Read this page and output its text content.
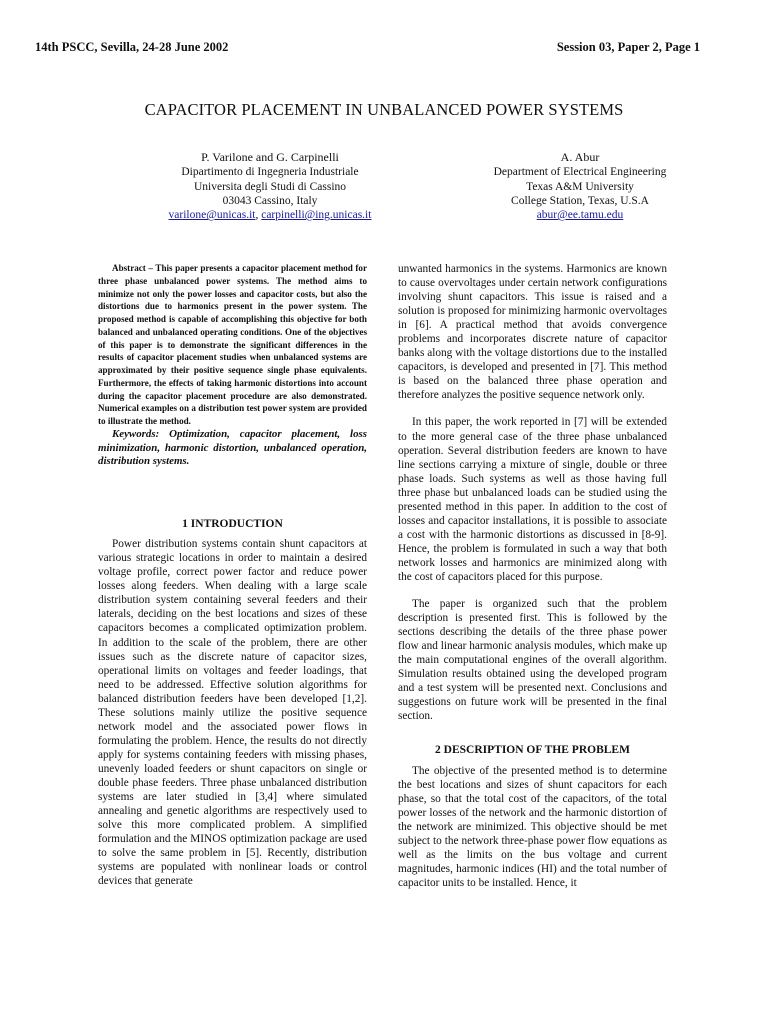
14th PSCC, Sevilla, 24-28 June 2002	Session 03, Paper 2, Page 1
CAPACITOR PLACEMENT IN UNBALANCED POWER SYSTEMS
P. Varilone and G. Carpinelli
Dipartimento di Ingegneria Industriale
Universita degli Studi di Cassino
03043 Cassino, Italy
varilone@unicas.it, carpinelli@ing.unicas.it
A. Abur
Department of Electrical Engineering
Texas A&M University
College Station, Texas, U.S.A
abur@ee.tamu.edu

Abstract – This paper presents a capacitor placement method for three phase unbalanced power systems. The method aims to minimize not only the power losses and capacitor costs, but also the distortions due to harmonics present in the power system. The proposed method is capable of accomplishing this objective for both balanced and unbalanced operating conditions. One of the objectives of this paper is to demonstrate the significant differences in the results of capacitor placement studies when unbalanced systems are approximated by their positive sequence single phase equivalents. Furthermore, the effects of taking harmonic distortions into account during the capacitor placement procedure are also demonstrated. Numerical examples on a distribution test power system are provided to illustrate the method.

Keywords: Optimization, capacitor placement, loss minimization, harmonic distortion, unbalanced operation, distribution systems.

1 INTRODUCTION

Power distribution systems contain shunt capacitors at various strategic locations in order to maintain a desired voltage profile, correct power factor and reduce power losses along feeders. When dealing with a large scale distribution system containing several feeders and their laterals, deciding on the best locations and sizes of these capacitors becomes a complicated optimization problem. In addition to the scale of the problem, there are other issues such as the discrete nature of capacitor sizes, operational limits on voltages and feeder loadings, that need to be addressed. Effective solution algorithms for balanced distribution feeders have been developed [1,2]. These solutions mainly utilize the positive sequence network model and the associated power flows in formulating the problem. Hence, the results do not directly apply for systems containing feeders with missing phases, unevenly loaded feeders or shunt capacitors on single or double phase feeders. Three phase unbalanced distribution systems are later studied in [3,4] where simulated annealing and genetic algorithms are respectively used to solve this more complicated problem. A simplified formulation and the MINOS optimization package are used to solve the same problem in [5]. Recently, distribution systems are populated with nonlinear loads or control devices that generate

unwanted harmonics in the systems. Harmonics are known to cause overvoltages under certain network configurations involving shunt capacitors. This issue is raised and a solution is proposed for minimizing harmonic overvoltages in [6]. A practical method that avoids convergence problems and incorporates discrete nature of capacitor banks along with the voltage distortions due to the installed capacitors, is developed and presented in [7]. This method is based on the balanced three phase operation and therefore analyzes the positive sequence network only.

In this paper, the work reported in [7] will be extended to the more general case of the three phase unbalanced operation. Several distribution feeders are known to have line sections carrying a mixture of single, double or three phase loads. Such systems as well as those having full three phase but unbalanced loads can be studied using the presented method in this paper. In addition to the cost of losses and capacitor installations, it is possible to associate a cost with the harmonic distortions as discussed in [8-9]. Hence, the problem is formulated in such a way that both network losses and harmonics are minimized along with the cost of capacitors placed for this purpose.

The paper is organized such that the problem description is presented first. This is followed by the sections describing the details of the three phase power flow and linear harmonic analysis modules, which make up the main computational engines of the overall algorithm. Simulation results obtained using the developed program and a test system will be presented next. Conclusions and suggestions on future work will be presented in the final section.

2 DESCRIPTION OF THE PROBLEM

The objective of the presented method is to determine the best locations and sizes of shunt capacitors for each phase, so that the total cost of the capacitors, of the total power losses of the network and the harmonic distortion of the network are minimized. This objective should be met subject to the network three-phase power flow equations as well as the limits on the bus voltage and current magnitudes, harmonic indices (HI) and the total number of capacitor units to be installed. Hence, it
